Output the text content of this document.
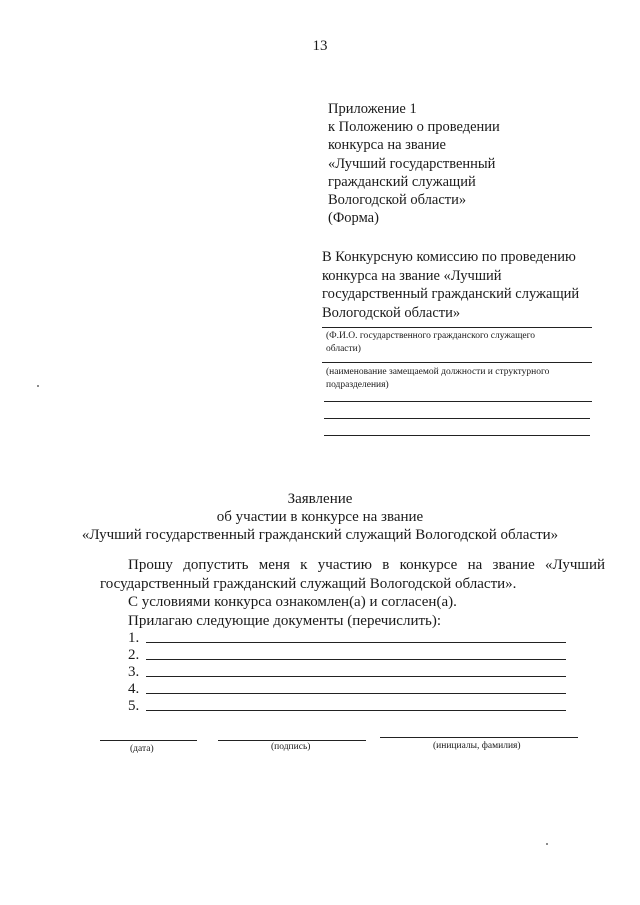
13
Приложение 1
к Положению о проведении
конкурса на звание
«Лучший государственный
гражданский служащий
Вологодской области»
(Форма)
В Конкурсную комиссию по проведению
конкурса на звание «Лучший
государственный гражданский служащий
Вологодской области»
(Ф.И.О. государственного гражданского служащего
области)
(наименование замещаемой должности и структурного
подразделения)
Заявление
об участии в конкурсе на звание
«Лучший государственный гражданский служащий Вологодской области»
Прошу допустить меня к участию в конкурсе на звание «Лучший государственный гражданский служащий Вологодской области».
С условиями конкурса ознакомлен(а) и согласен(а).
Прилагаю следующие документы (перечислить):
1.
2.
3.
4.
5.
(дата)	(подпись)	(инициалы, фамилия)
